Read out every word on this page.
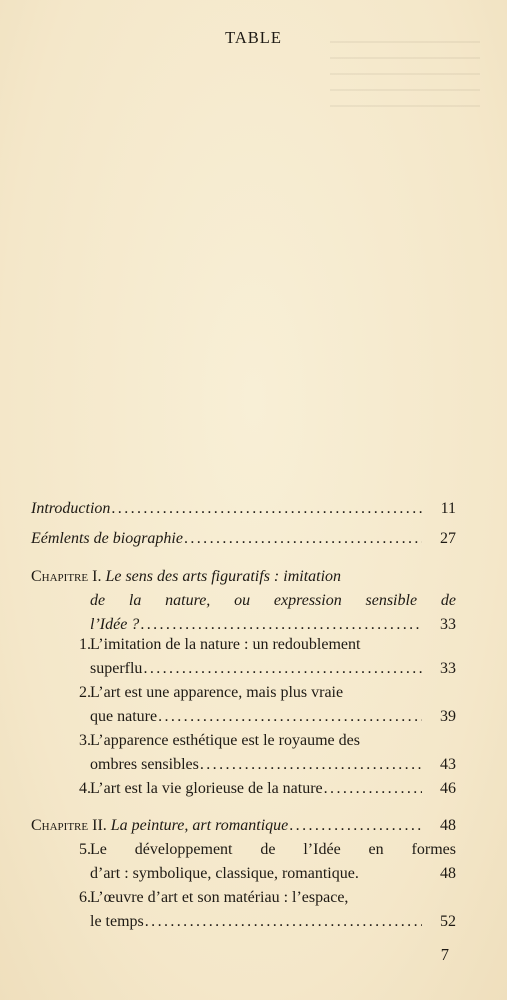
TABLE
Introduction . . .	11
Eémlents de biographie . . .	27
Chapitre
I.
Le sens des arts figuratifs : imitation
de la nature, ou expression sensible de
l’Idée ? . . .	33
1. L’imitation de la nature : un redoublement
superflu . . .	33
2. L’art est une apparence, mais plus vraie
que nature . . .	39
3. L’apparence esthétique est le royaume des
ombres sensibles . . .	43
4. L’art est la vie glorieuse de la nature . . .	46
Chapitre
II.
La peinture, art romantique . . .	48
5. Le développement de l’Idée en formes
d’art : symbolique, classique, romantique.	48
6. L’œuvre d’art et son matériau : l’espace,
le temps . . .	52
7
